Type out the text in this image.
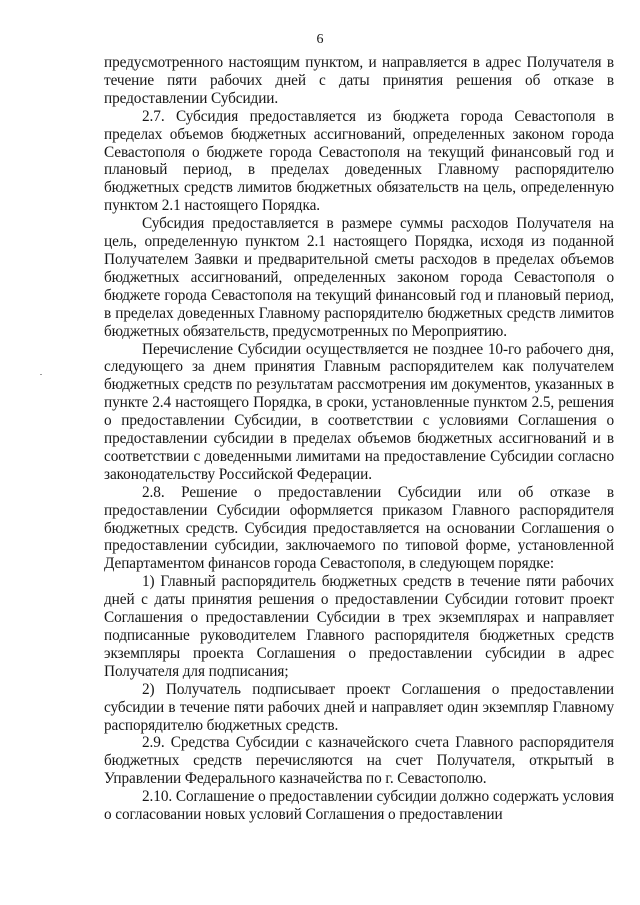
6

предусмотренного настоящим пунктом, и направляется в адрес Получателя в течение пяти рабочих дней с даты принятия решения об отказе в предоставлении Субсидии.

2.7. Субсидия предоставляется из бюджета города Севастополя в пределах объемов бюджетных ассигнований, определенных законом города Севастополя о бюджете города Севастополя на текущий финансовый год и плановый период, в пределах доведенных Главному распорядителю бюджетных средств лимитов бюджетных обязательств на цель, определенную пунктом 2.1 настоящего Порядка.

Субсидия предоставляется в размере суммы расходов Получателя на цель, определенную пунктом 2.1 настоящего Порядка, исходя из поданной Получателем Заявки и предварительной сметы расходов в пределах объемов бюджетных ассигнований, определенных законом города Севастополя о бюджете города Севастополя на текущий финансовый год и плановый период, в пределах доведенных Главному распорядителю бюджетных средств лимитов бюджетных обязательств, предусмотренных по Мероприятию.

Перечисление Субсидии осуществляется не позднее 10-го рабочего дня, следующего за днем принятия Главным распорядителем как получателем бюджетных средств по результатам рассмотрения им документов, указанных в пункте 2.4 настоящего Порядка, в сроки, установленные пунктом 2.5, решения о предоставлении Субсидии, в соответствии с условиями Соглашения о предоставлении субсидии в пределах объемов бюджетных ассигнований и в соответствии с доведенными лимитами на предоставление Субсидии согласно законодательству Российской Федерации.

2.8. Решение о предоставлении Субсидии или об отказе в предоставлении Субсидии оформляется приказом Главного распорядителя бюджетных средств. Субсидия предоставляется на основании Соглашения о предоставлении субсидии, заключаемого по типовой форме, установленной Департаментом финансов города Севастополя, в следующем порядке:

1) Главный распорядитель бюджетных средств в течение пяти рабочих дней с даты принятия решения о предоставлении Субсидии готовит проект Соглашения о предоставлении Субсидии в трех экземплярах и направляет подписанные руководителем Главного распорядителя бюджетных средств экземпляры проекта Соглашения о предоставлении субсидии в адрес Получателя для подписания;

2) Получатель подписывает проект Соглашения о предоставлении субсидии в течение пяти рабочих дней и направляет один экземпляр Главному распорядителю бюджетных средств.

2.9. Средства Субсидии с казначейского счета Главного распорядителя бюджетных средств перечисляются на счет Получателя, открытый в Управлении Федерального казначейства по г. Севастополю.

2.10. Соглашение о предоставлении субсидии должно содержать условия о согласовании новых условий Соглашения о предоставлении
